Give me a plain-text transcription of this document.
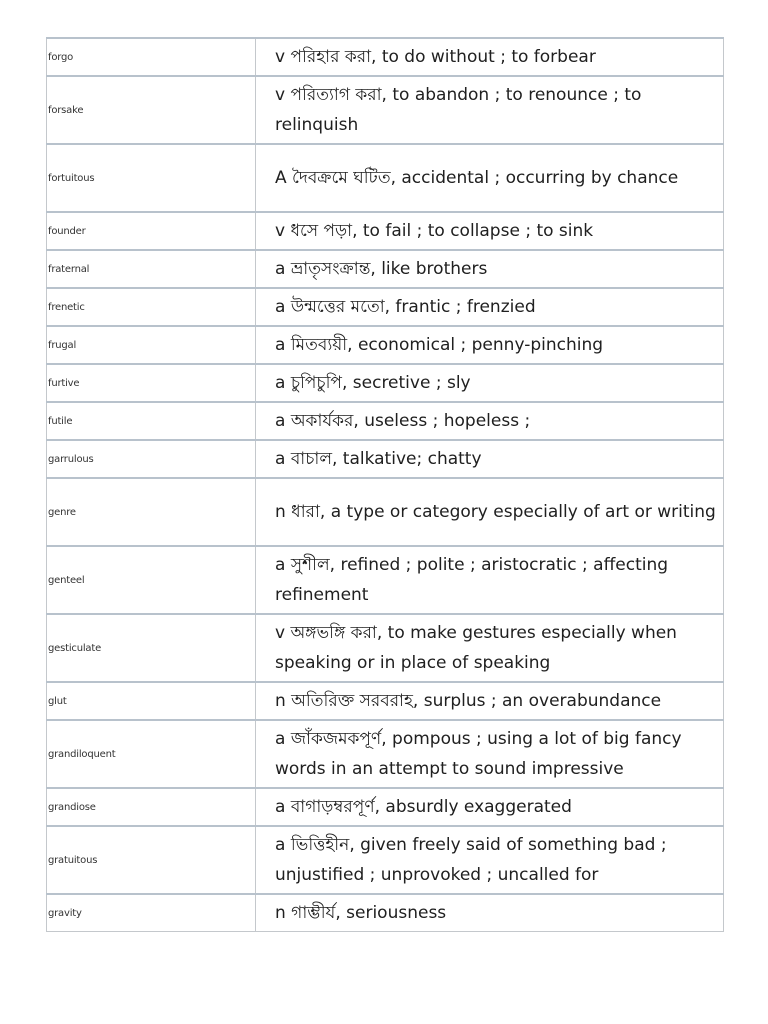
forgo	v পরিহার করা, to do without ; to forbear
forsake	v পরিত্যাগ করা, to abandon ; to renounce ; to relinquish
fortuitous	A দৈবক্রমে ঘটিত, accidental ; occurring by chance
founder	v ধসে পড়া, to fail ; to collapse ; to sink
fraternal	a ভ্রাতৃসংক্রান্ত, like brothers
frenetic	a উন্মত্তের মতো, frantic ; frenzied
frugal	a মিতব্যয়ী, economical ; penny-pinching
furtive	a চুপিচুপি, secretive ; sly
futile	a অকার্যকর, useless ; hopeless ;
garrulous	a বাচাল, talkative; chatty
genre	n ধারা, a type or category especially of art or writing
genteel	a সুশীল, refined ; polite ; aristocratic ; affecting refinement
gesticulate	v অঙ্গভঙ্গি করা, to make gestures especially when speaking or in place of speaking
glut	n অতিরিক্ত সরবরাহ, surplus ; an overabundance
grandiloquent	a জাঁকজমকপূর্ণ, pompous ; using a lot of big fancy words in an attempt to sound impressive
grandiose	a বাগাড়ম্বরপূর্ণ, absurdly exaggerated
gratuitous	a ভিত্তিহীন, given freely said of something bad ; unjustified ; unprovoked ; uncalled for
gravity	n গাম্ভীর্য, seriousness
